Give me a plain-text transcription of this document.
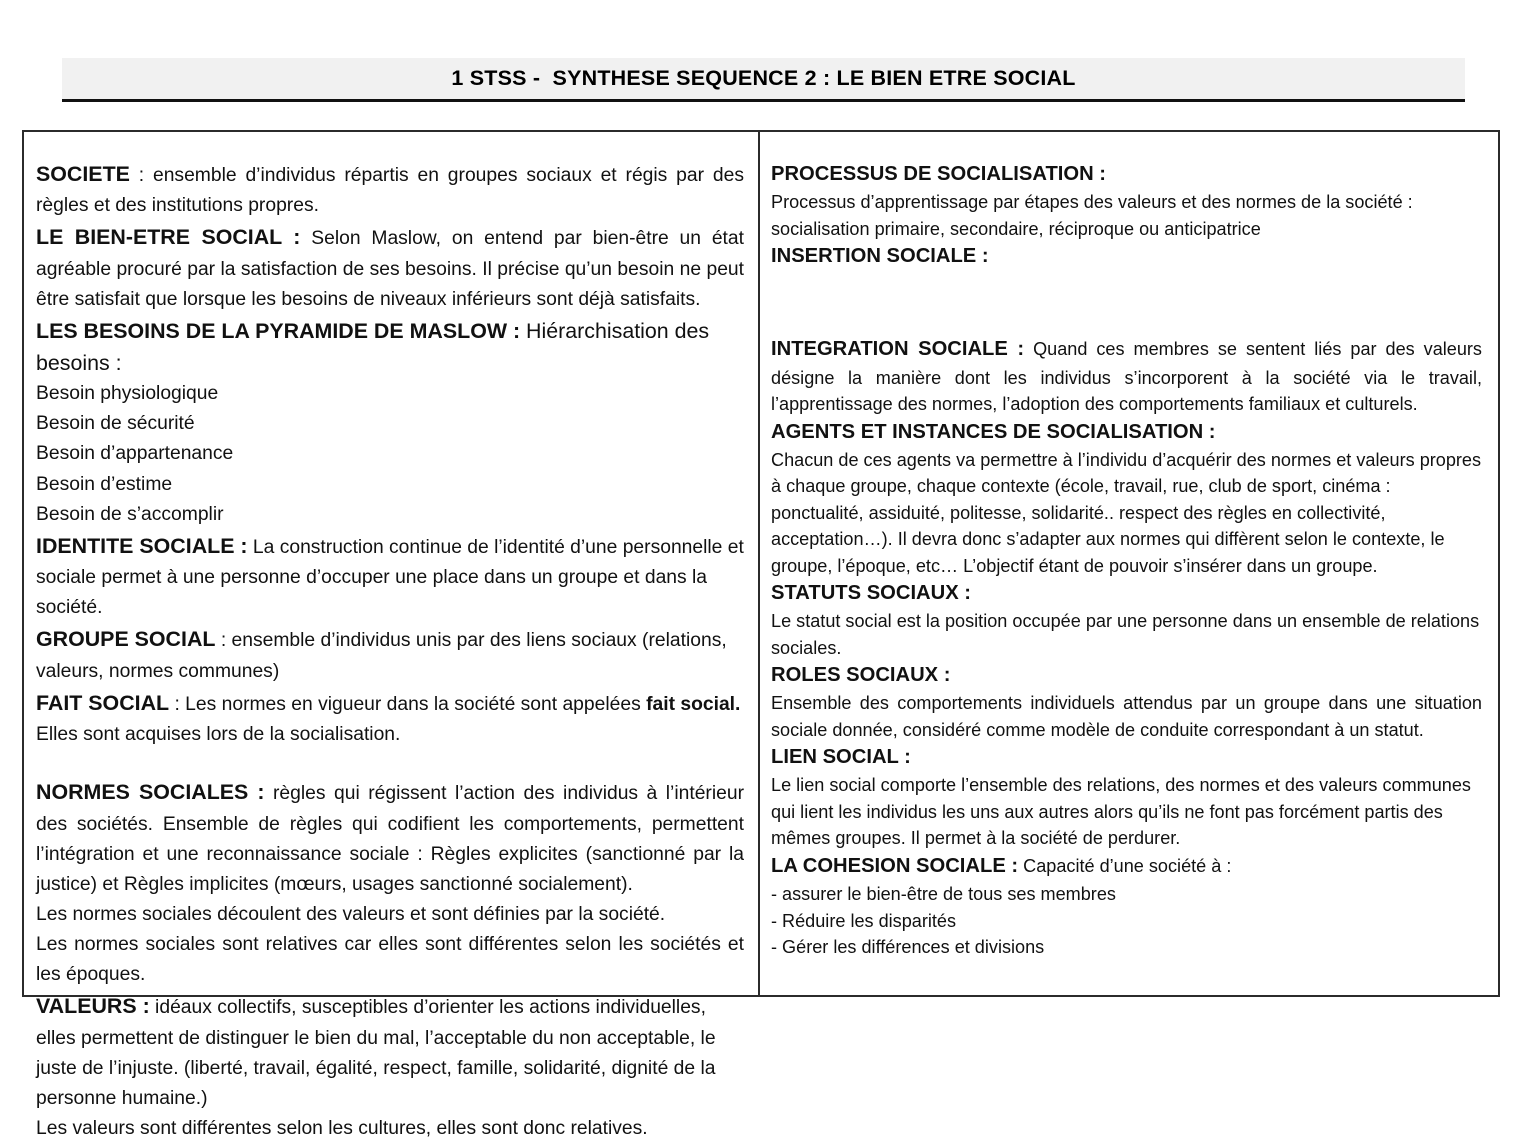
1 STSS -  SYNTHESE SEQUENCE 2 : LE BIEN ETRE SOCIAL
SOCIETE : ensemble d’individus répartis en groupes sociaux et régis par des règles et des institutions propres.
LE BIEN-ETRE SOCIAL : Selon Maslow, on entend par bien-être un état agréable procuré par la satisfaction de ses besoins. Il précise qu’un besoin ne peut être satisfait que lorsque les besoins de niveaux inférieurs sont déjà satisfaits.
LES BESOINS DE LA PYRAMIDE DE MASLOW : Hiérarchisation des besoins :
Besoin physiologique
Besoin de sécurité
Besoin d’appartenance
Besoin d’estime
Besoin de s’accomplir
IDENTITE SOCIALE : La construction continue de l’identité d’une personnelle et sociale permet à une personne d’occuper une place dans un groupe et dans la société.
GROUPE SOCIAL : ensemble d’individus unis par des liens sociaux (relations, valeurs, normes communes)
FAIT SOCIAL : Les normes en vigueur dans la société sont appelées fait social. Elles sont acquises lors de la socialisation.
NORMES SOCIALES : règles qui régissent l’action des individus à l’intérieur des sociétés. Ensemble de règles qui codifient les comportements, permettent l’intégration et une reconnaissance sociale : Règles explicites (sanctionné par la justice) et Règles implicites (mœurs, usages sanctionné socialement).
Les normes sociales découlent des valeurs et sont définies par la société.
Les normes sociales sont relatives car elles sont différentes selon les sociétés et les époques.
VALEURS : idéaux collectifs, susceptibles d’orienter les actions individuelles, elles permettent de distinguer le bien du mal, l’acceptable du non acceptable, le juste de l’injuste. (liberté, travail, égalité, respect, famille, solidarité, dignité de la personne humaine.)
Les valeurs sont différentes selon les cultures, elles sont donc relatives.
PROCESSUS DE SOCIALISATION :
Processus d’apprentissage par étapes des valeurs et des normes de la société :
socialisation primaire, secondaire, réciproque ou anticipatrice
INSERTION SOCIALE :
INTEGRATION SOCIALE : Quand ces membres se sentent liés par des valeurs désigne la manière dont les individus s’incorporent à la société via le travail, l’apprentissage des normes, l’adoption des comportements familiaux et culturels.
AGENTS ET INSTANCES DE SOCIALISATION :
Chacun de ces agents va permettre à l’individu d’acquérir des normes et valeurs propres à chaque groupe, chaque contexte (école, travail, rue, club de sport, cinéma : ponctualité, assiduité, politesse, solidarité.. respect des règles en collectivité, acceptation…). Il devra donc s’adapter aux normes qui diffèrent selon le contexte, le groupe, l’époque, etc… L’objectif étant de pouvoir s’insérer dans un groupe.
STATUTS SOCIAUX :
Le statut social est la position occupée par une personne dans un ensemble de relations sociales.
ROLES SOCIAUX :
Ensemble des comportements individuels attendus par un groupe dans une situation sociale donnée, considéré comme modèle de conduite correspondant à un statut.
LIEN SOCIAL :
Le lien social comporte l’ensemble des relations, des normes et des valeurs communes qui lient les individus les uns aux autres alors qu’ils ne font pas forcément partis des mêmes groupes. Il permet à la société de perdurer.
LA COHESION SOCIALE : Capacité d’une société à :
- assurer le bien-être de tous ses membres
- Réduire les disparités
- Gérer les différences et divisions
